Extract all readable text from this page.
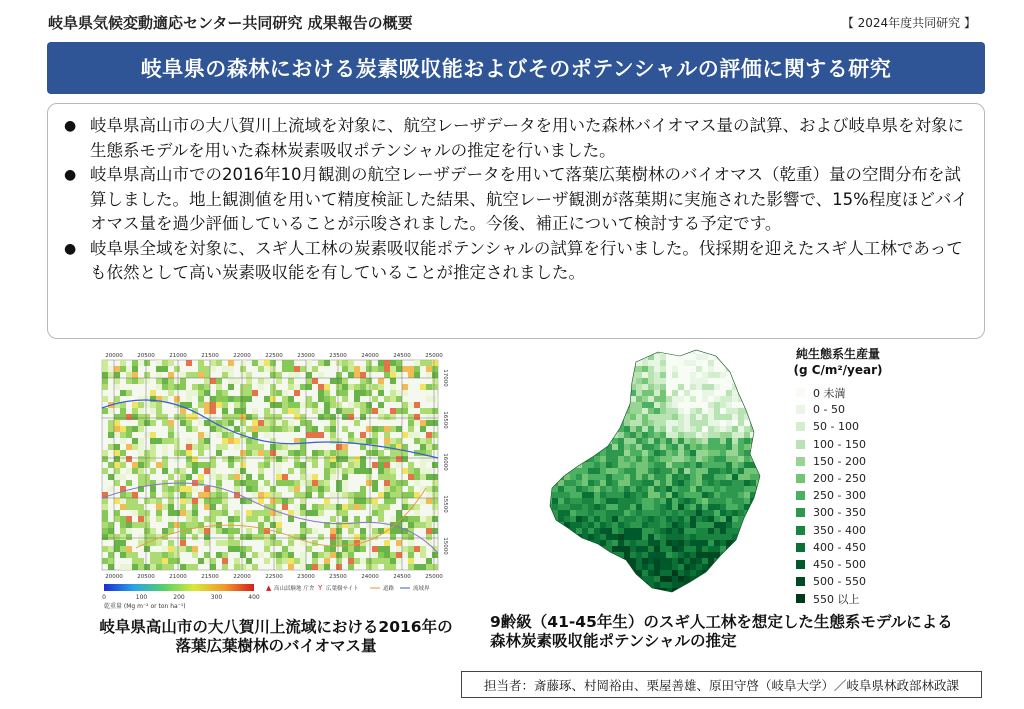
岐阜県気候変動適応センター共同研究 成果報告の概要	【 2024年度共同研究 】
岐阜県の森林における炭素吸収能およびそのポテンシャルの評価に関する研究
● 岐阜県高山市の大八賀川上流域を対象に、航空レーザデータを用いた森林バイオマス量の試算、および岐阜県を対象に生態系モデルを用いた森林炭素吸収ポテンシャルの推定を行いました。
● 岐阜県高山市での2016年10月観測の航空レーザデータを用いて落葉広葉樹林のバイオマス（乾重）量の空間分布を試算しました。地上観測値を用いて精度検証した結果、航空レーザ観測が落葉期に実施された影響で、15%程度ほどバイオマス量を過少評価していることが示唆されました。今後、補正について検討する予定です。
● 岐阜県全域を対象に、スギ人工林の炭素吸収能ポテンシャルの試算を行いました。伐採期を迎えたスギ人工林であっても依然として高い炭素吸収能を有していることが推定されました。
20000	20500	21000	21500	22000	22500	23000	23500	24000	24500	25000
20000	20500	21000	21500	22000	22500	23000	23500	24000	24500	25000
17000
16500
16000
15500
15000
0	100	200	300	400
乾重量 (Mg m⁻² or ton ha⁻¹)
▲ 高山試験地 庁舎 Y 広葉樹サイト	道路	流域界
純生態系生産量
(g C/m²/year)
0 未満
0 - 50
50 - 100
100 - 150
150 - 200
200 - 250
250 - 300
300 - 350
350 - 400
400 - 450
450 - 500
500 - 550
550 以上
岐阜県高山市の大八賀川上流域における2016年の落葉広葉樹林のバイオマス量
9齢級（41-45年生）のスギ人工林を想定した生態系モデルによる森林炭素吸収能ポテンシャルの推定
担当者：斎藤琢、村岡裕由、栗屋善雄、原田守啓（岐阜大学）／岐阜県林政部林政課
